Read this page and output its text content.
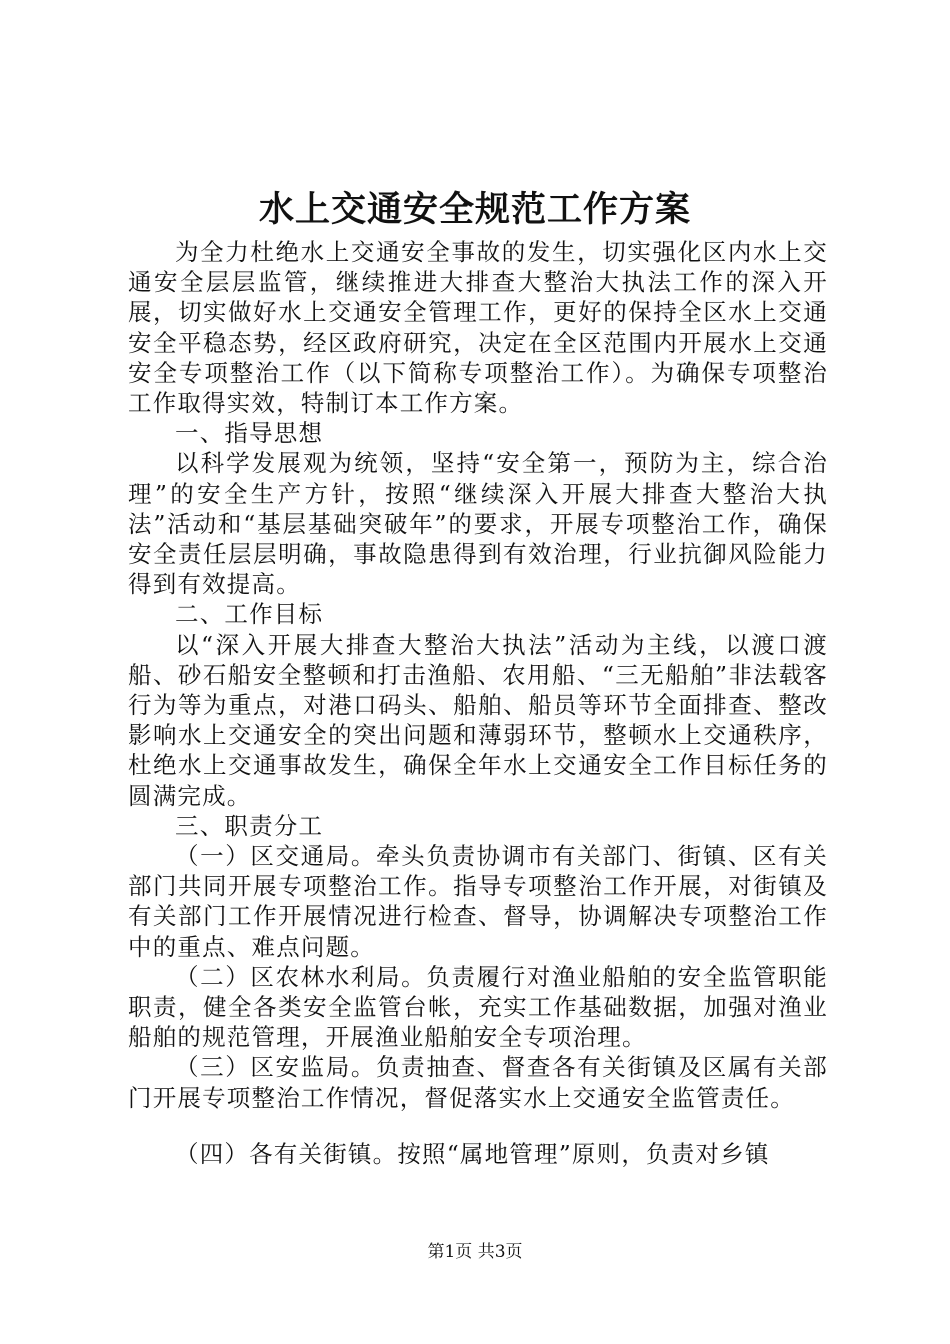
水上交通安全规范工作方案

为全力杜绝水上交通安全事故的发生，切实强化区内水上交通安全层层监管，继续推进大排查大整治大执法工作的深入开展，切实做好水上交通安全管理工作，更好的保持全区水上交通安全平稳态势，经区政府研究，决定在全区范围内开展水上交通安全专项整治工作（以下简称专项整治工作）。为确保专项整治工作取得实效，特制订本工作方案。

一、指导思想

以科学发展观为统领，坚持“安全第一，预防为主，综合治理”的安全生产方针，按照“继续深入开展大排查大整治大执法”活动和“基层基础突破年”的要求，开展专项整治工作，确保安全责任层层明确，事故隐患得到有效治理，行业抗御风险能力得到有效提高。

二、工作目标

以“深入开展大排查大整治大执法”活动为主线，以渡口渡船、砂石船安全整顿和打击渔船、农用船、“三无船舶”非法载客行为等为重点，对港口码头、船舶、船员等环节全面排查、整改影响水上交通安全的突出问题和薄弱环节，整顿水上交通秩序，杜绝水上交通事故发生，确保全年水上交通安全工作目标任务的圆满完成。

三、职责分工

（一）区交通局。牵头负责协调市有关部门、街镇、区有关部门共同开展专项整治工作。指导专项整治工作开展，对街镇及有关部门工作开展情况进行检查、督导，协调解决专项整治工作中的重点、难点问题。

（二）区农林水利局。负责履行对渔业船舶的安全监管职能职责，健全各类安全监管台帐，充实工作基础数据，加强对渔业船舶的规范管理，开展渔业船舶安全专项治理。

（三）区安监局。负责抽查、督查各有关街镇及区属有关部门开展专项整治工作情况，督促落实水上交通安全监管责任。

（四）各有关街镇。按照“属地管理”原则，负责对乡镇

第1页 共3页
